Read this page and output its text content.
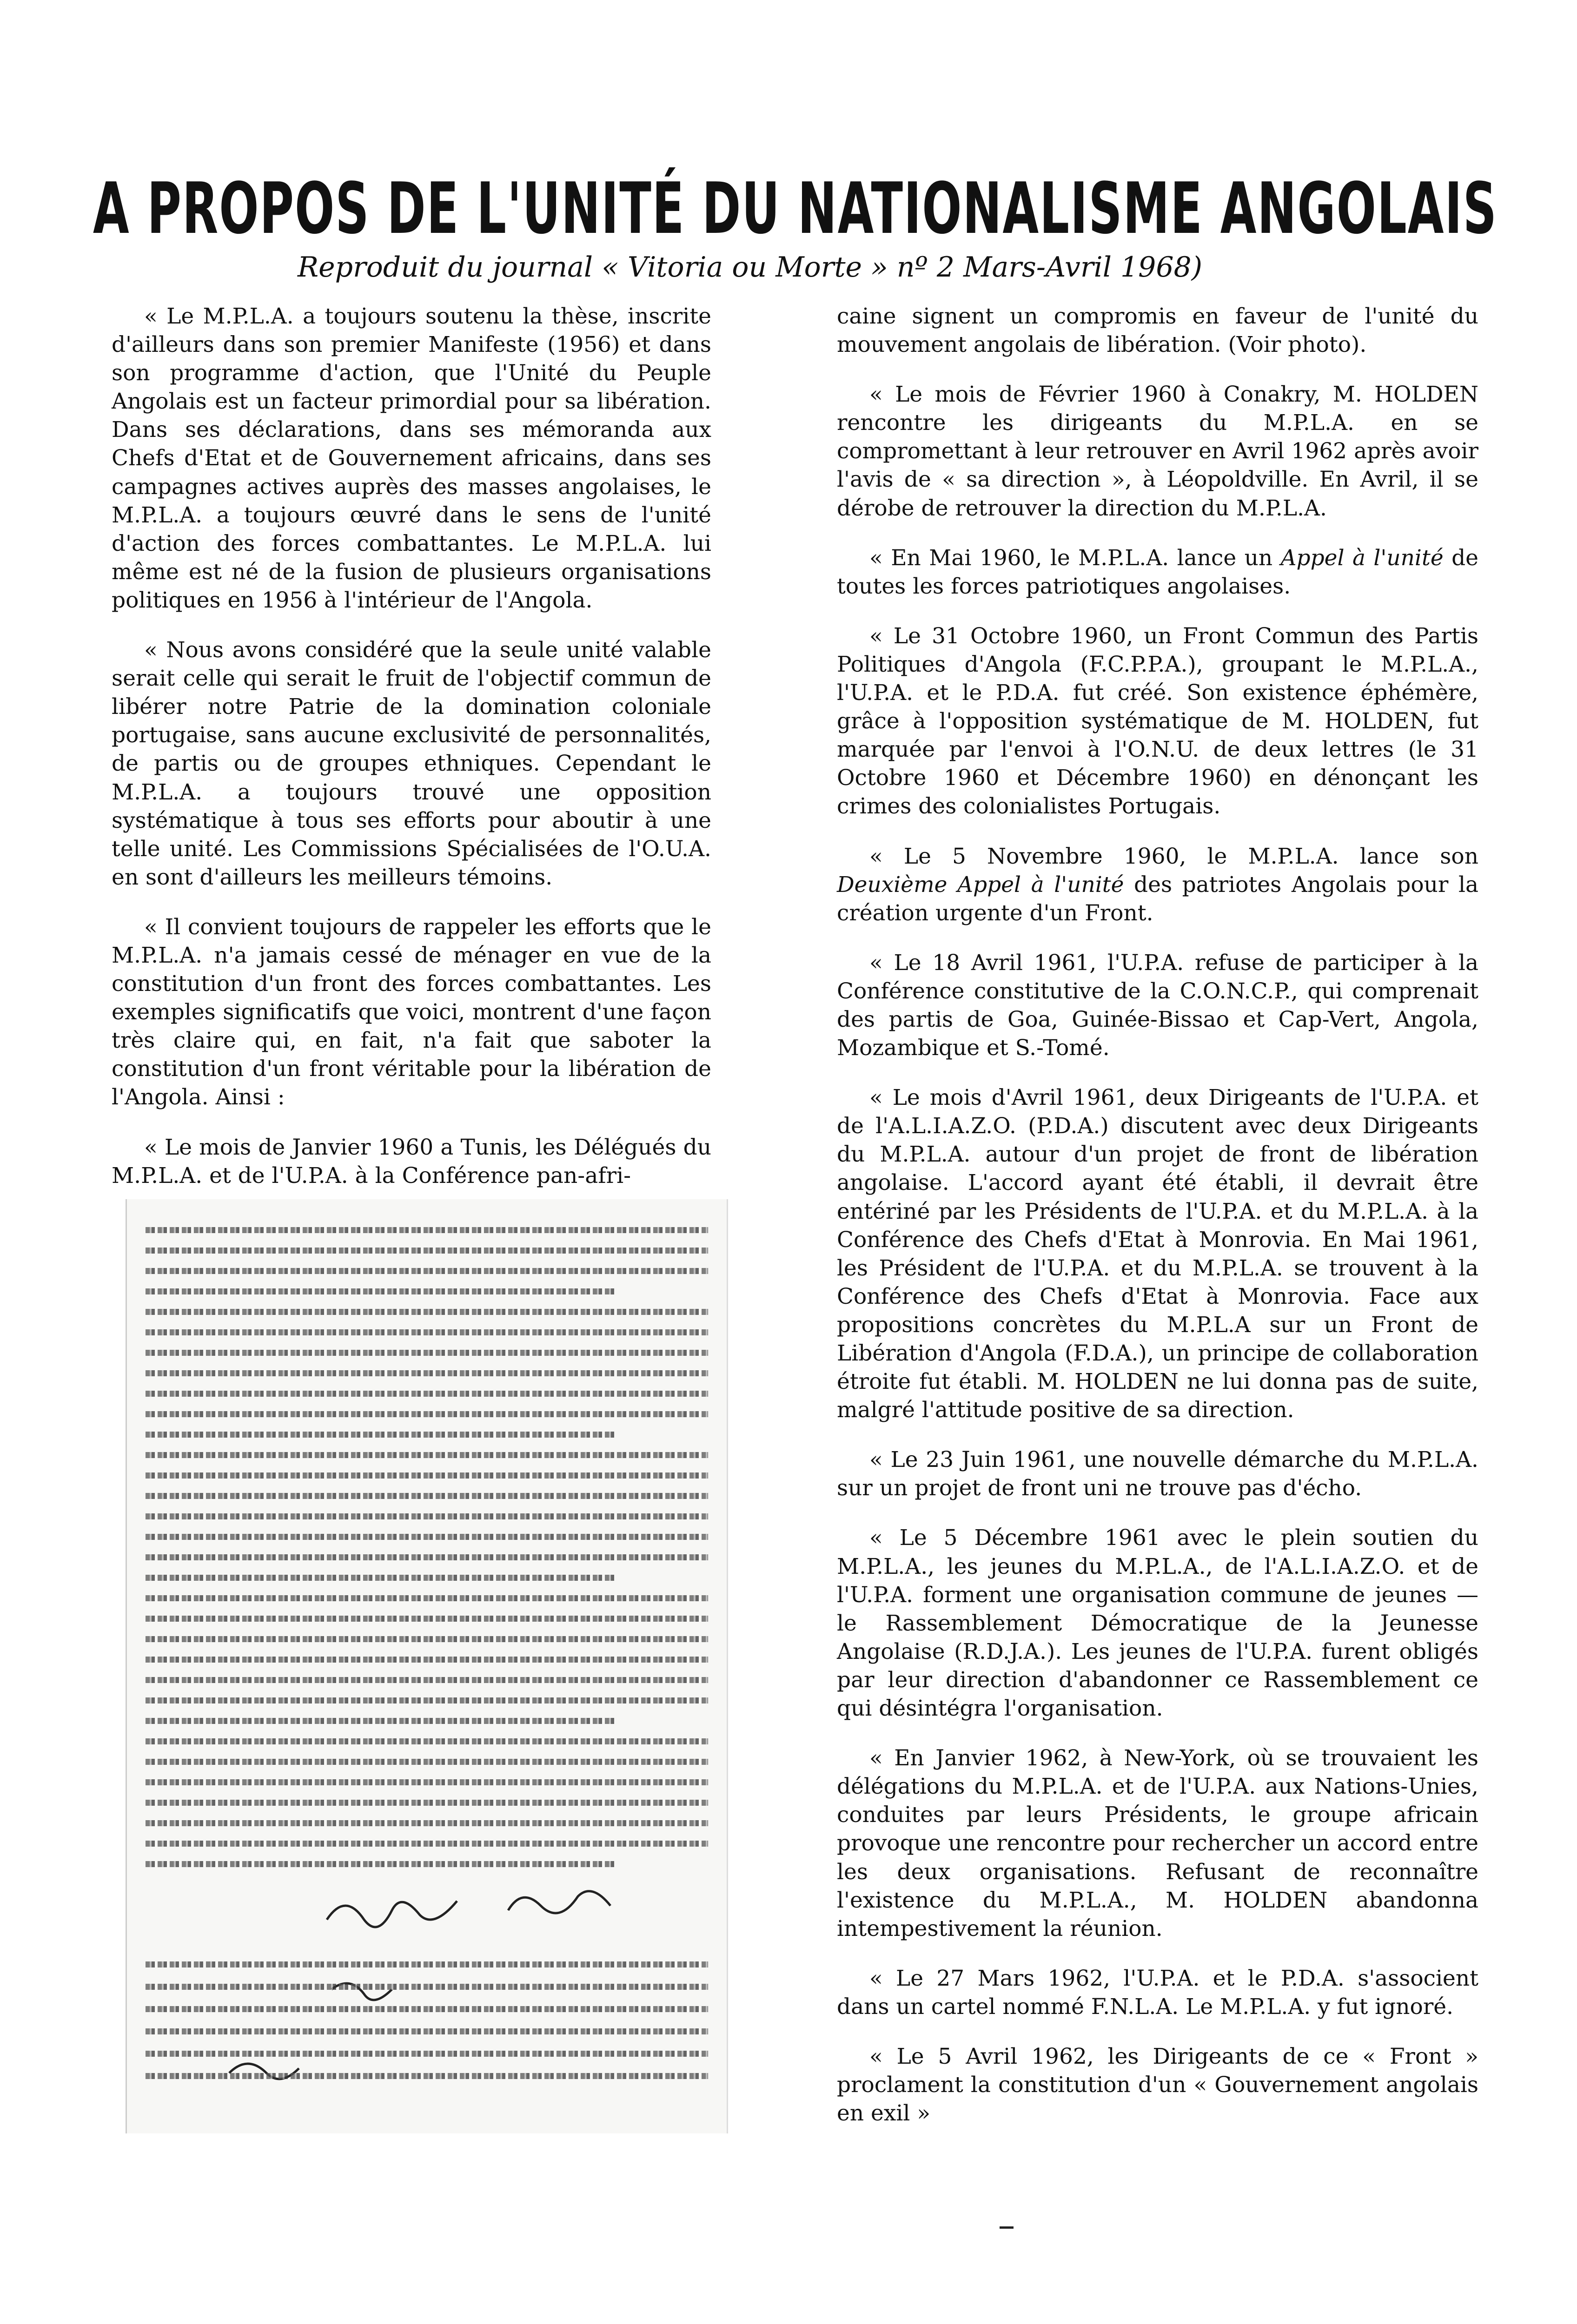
A PROPOS DE L'UNITÉ DU NATIONALISME ANGOLAIS
Reproduit du journal « Vitoria ou Morte » nº 2 Mars-Avril 1968)

« Le M.P.L.A. a toujours soutenu la thèse, inscrite d'ailleurs dans son premier Manifeste (1956) et dans son programme d'action, que l'Unité du Peuple Angolais est un facteur primordial pour sa libération. Dans ses déclarations, dans ses mémoranda aux Chefs d'Etat et de Gouvernement africains, dans ses campagnes actives auprès des masses angolaises, le M.P.L.A. a toujours œuvré dans le sens de l'unité d'action des forces combattantes. Le M.P.L.A. lui même est né de la fusion de plusieurs organisations politiques en 1956 à l'intérieur de l'Angola.

« Nous avons considéré que la seule unité valable serait celle qui serait le fruit de l'objectif commun de libérer notre Patrie de la domination coloniale portugaise, sans aucune exclusivité de personnalités, de partis ou de groupes ethniques. Cependant le M.P.L.A. a toujours trouvé une opposition systématique à tous ses efforts pour aboutir à une telle unité. Les Commissions Spécialisées de l'O.U.A. en sont d'ailleurs les meilleurs témoins.

« Il convient toujours de rappeler les efforts que le M.P.L.A. n'a jamais cessé de ménager en vue de la constitution d'un front des forces combattantes. Les exemples significatifs que voici, montrent d'une façon très claire qui, en fait, n'a fait que saboter la constitution d'un front véritable pour la libération de l'Angola. Ainsi :

« Le mois de Janvier 1960 a Tunis, les Délégués du M.P.L.A. et de l'U.P.A. à la Conférence pan-afri-

caine signent un compromis en faveur de l'unité du mouvement angolais de libération. (Voir photo).

« Le mois de Février 1960 à Conakry, M. HOLDEN rencontre les dirigeants du M.P.L.A. en se compromettant à leur retrouver en Avril 1962 après avoir l'avis de « sa direction », à Léopoldville. En Avril, il se dérobe de retrouver la direction du M.P.L.A.

« En Mai 1960, le M.P.L.A. lance un Appel à l'unité de toutes les forces patriotiques angolaises.

« Le 31 Octobre 1960, un Front Commun des Partis Politiques d'Angola (F.C.P.P.A.), groupant le M.P.L.A., l'U.P.A. et le P.D.A. fut créé. Son existence éphémère, grâce à l'opposition systématique de M. HOLDEN, fut marquée par l'envoi à l'O.N.U. de deux lettres (le 31 Octobre 1960 et Décembre 1960) en dénonçant les crimes des colonialistes Portugais.

« Le 5 Novembre 1960, le M.P.L.A. lance son Deuxième Appel à l'unité des patriotes Angolais pour la création urgente d'un Front.

« Le 18 Avril 1961, l'U.P.A. refuse de participer à la Conférence constitutive de la C.O.N.C.P., qui comprenait des partis de Goa, Guinée-Bissao et Cap-Vert, Angola, Mozambique et S.-Tomé.

« Le mois d'Avril 1961, deux Dirigeants de l'U.P.A. et de l'A.L.I.A.Z.O. (P.D.A.) discutent avec deux Dirigeants du M.P.L.A. autour d'un projet de front de libération angolaise. L'accord ayant été établi, il devrait être entériné par les Présidents de l'U.P.A. et du M.P.L.A. à la Conférence des Chefs d'Etat à Monrovia. En Mai 1961, les Président de l'U.P.A. et du M.P.L.A. se trouvent à la Conférence des Chefs d'Etat à Monrovia. Face aux propositions concrètes du M.P.L.A sur un Front de Libération d'Angola (F.D.A.), un principe de collaboration étroite fut établi. M. HOLDEN ne lui donna pas de suite, malgré l'attitude positive de sa direction.

« Le 23 Juin 1961, une nouvelle démarche du M.P.L.A. sur un projet de front uni ne trouve pas d'écho.

« Le 5 Décembre 1961 avec le plein soutien du M.P.L.A., les jeunes du M.P.L.A., de l'A.L.I.A.Z.O. et de l'U.P.A. forment une organisation commune de jeunes — le Rassemblement Démocratique de la Jeunesse Angolaise (R.D.J.A.). Les jeunes de l'U.P.A. furent obligés par leur direction d'abandonner ce Rassemblement ce qui désintégra l'organisation.

« En Janvier 1962, à New-York, où se trouvaient les délégations du M.P.L.A. et de l'U.P.A. aux Nations-Unies, conduites par leurs Présidents, le groupe africain provoque une rencontre pour rechercher un accord entre les deux organisations. Refusant de reconnaître l'existence du M.P.L.A., M. HOLDEN abandonna intempestivement la réunion.

« Le 27 Mars 1962, l'U.P.A. et le P.D.A. s'associent dans un cartel nommé F.N.L.A. Le M.P.L.A. y fut ignoré.

« Le 5 Avril 1962, les Dirigeants de ce « Front » proclament la constitution d'un « Gouvernement angolais en exil »
